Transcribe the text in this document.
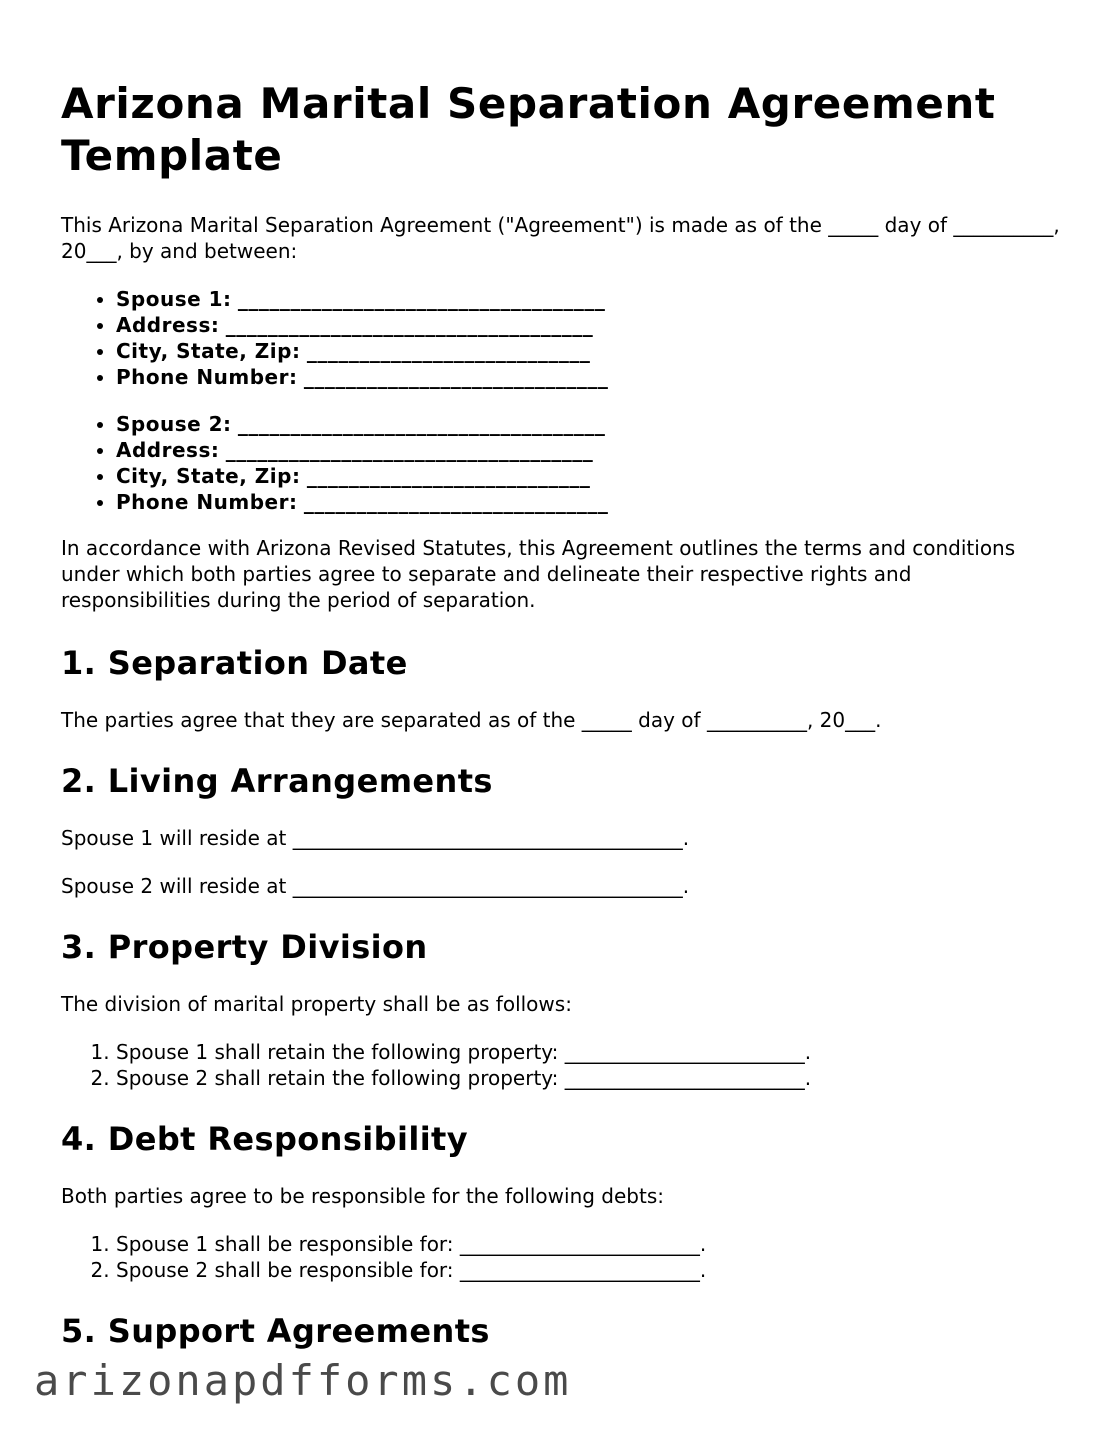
Arizona Marital Separation Agreement Template

This Arizona Marital Separation Agreement ("Agreement") is made as of the _____ day of __________, 20___, by and between:

• Spouse 1: ___________________________________
• Address: ___________________________________
• City, State, Zip: ___________________________
• Phone Number: _____________________________
• Spouse 2: ___________________________________
• Address: ___________________________________
• City, State, Zip: ___________________________
• Phone Number: _____________________________

In accordance with Arizona Revised Statutes, this Agreement outlines the terms and conditions under which both parties agree to separate and delineate their respective rights and responsibilities during the period of separation.

1. Separation Date

The parties agree that they are separated as of the _____ day of __________, 20___.

2. Living Arrangements

Spouse 1 will reside at _______________________________________.

Spouse 2 will reside at _______________________________________.

3. Property Division

The division of marital property shall be as follows:

1. Spouse 1 shall retain the following property: ________________________.
2. Spouse 2 shall retain the following property: ________________________.
4. Debt Responsibility

Both parties agree to be responsible for the following debts:

1. Spouse 1 shall be responsible for: ________________________.
2. Spouse 2 shall be responsible for: ________________________.
5. Support Agreements
arizonapdfforms.com
